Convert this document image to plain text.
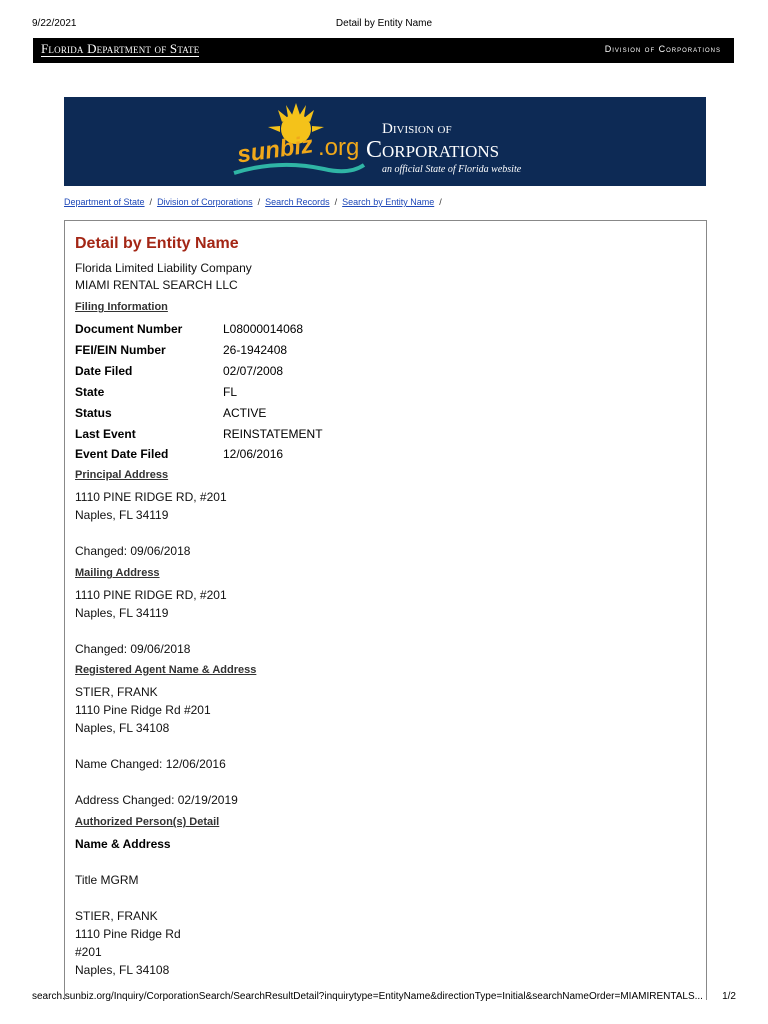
9/22/2021	Detail by Entity Name
Florida Department of State	Division of Corporations
sunbiz .org
Division of
Corporations
an official State of Florida website
Department of State / Division of Corporations / Search Records / Search by Entity Name /
Detail by Entity Name
Florida Limited Liability Company
MIAMI RENTAL SEARCH LLC
Filing Information
Document Number	L08000014068
FEI/EIN Number	26-1942408
Date Filed	02/07/2008
State	FL
Status	ACTIVE
Last Event	REINSTATEMENT
Event Date Filed	12/06/2016
Principal Address
1110 PINE RIDGE RD, #201
Naples, FL 34119
Changed: 09/06/2018
Mailing Address
1110 PINE RIDGE RD, #201
Naples, FL 34119
Changed: 09/06/2018
Registered Agent Name & Address
STIER, FRANK
1110 Pine Ridge Rd #201
Naples, FL 34108
Name Changed: 12/06/2016
Address Changed: 02/19/2019
Authorized Person(s) Detail
Name & Address
Title MGRM
STIER, FRANK
1110 Pine Ridge Rd
#201
Naples, FL 34108
search.sunbiz.org/Inquiry/CorporationSearch/SearchResultDetail?inquirytype=EntityName&directionType=Initial&searchNameOrder=MIAMIRENTALS... 1/2
